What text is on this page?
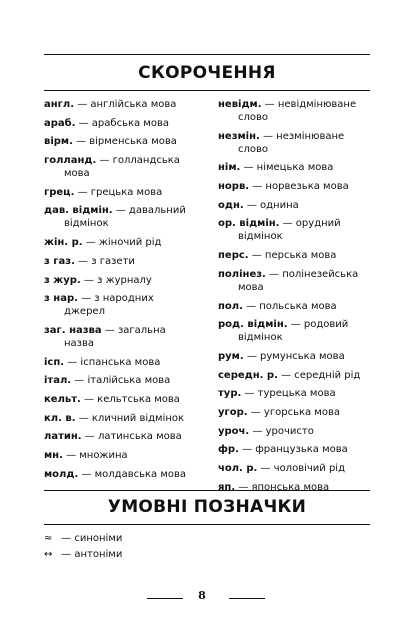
СКОРОЧЕННЯ

англ. — англійська мова

араб. — арабська мова

вірм. — вірменська мова

голланд. — голландська
мова

грец. — грецька мова

дав. відмін. — давальний
відмінок

жін. р. — жіночий рід

з газ. — з газети

з жур. — з журналу

з нар. — з народних
джерел

заг. назва — загальна
назва

ісп. — іспанська мова

італ. — італійська мова

кельт. — кельтська мова

кл. в. — кличний відмінок

латин. — латинська мова

мн. — множина

молд. — молдавська мова

невідм. — невідмінюване
слово

незмін. — незмінюване
слово

нім. — німецька мова

норв. — норвезька мова

одн. — однина

ор. відмін. — орудний
відмінок

перс. — перська мова

полінез. — полінезейська
мова

пол. — польська мова

род. відмін. — родовий
відмінок

рум. — румунська мова

середн. р. — середній рід

тур. — турецька мова

угор. — угорська мова

уроч. — урочисто

фр. — французька мова

чол. р. — чоловічий рід

яп. — японська мова

УМОВНІ ПОЗНАЧКИ

≈ — синоніми

↔ — антоніми

8
